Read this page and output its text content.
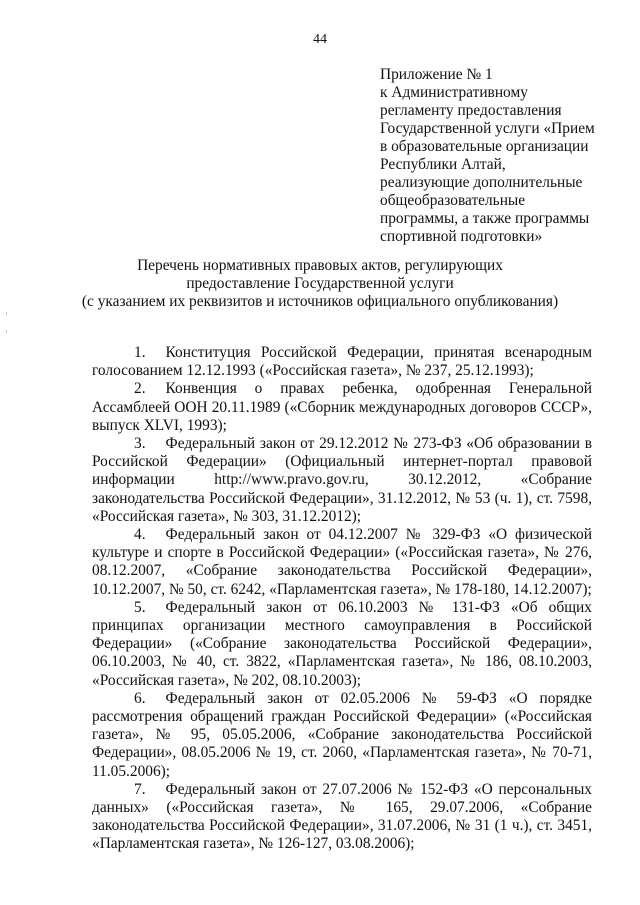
44
Приложение № 1
к Административному
регламенту предоставления
Государственной услуги «Прием
в образовательные организации
Республики Алтай,
реализующие дополнительные
общеобразовательные
программы, а также программы
спортивной подготовки»
Перечень нормативных правовых актов, регулирующих
предоставление Государственной услуги
(с указанием их реквизитов и источников официального опубликования)

1. Конституция Российской Федерации, принятая всенародным голосованием 12.12.1993 («Российская газета», № 237, 25.12.1993);

2. Конвенция о правах ребенка, одобренная Генеральной Ассамблеей ООН 20.11.1989 («Сборник международных договоров СССР», выпуск XLVI, 1993);

3. Федеральный закон от 29.12.2012 № 273-ФЗ «Об образовании в Российской Федерации» (Официальный интернет-портал правовой информации http://www.pravo.gov.ru, 30.12.2012, «Собрание законодательства Российской Федерации», 31.12.2012, № 53 (ч. 1), ст. 7598, «Российская газета», № 303, 31.12.2012);

4. Федеральный закон от 04.12.2007 № 329-ФЗ «О физической культуре и спорте в Российской Федерации» («Российская газета», № 276, 08.12.2007, «Собрание законодательства Российской Федерации», 10.12.2007, № 50, ст. 6242, «Парламентская газета», № 178-180, 14.12.2007);

5. Федеральный закон от 06.10.2003 № 131-ФЗ «Об общих принципах организации местного самоуправления в Российской Федерации» («Собрание законодательства Российской Федерации», 06.10.2003, № 40, ст. 3822, «Парламентская газета», № 186, 08.10.2003, «Российская газета», № 202, 08.10.2003);

6. Федеральный закон от 02.05.2006 № 59-ФЗ «О порядке рассмотрения обращений граждан Российской Федерации» («Российская газета», № 95, 05.05.2006, «Собрание законодательства Российской Федерации», 08.05.2006 № 19, ст. 2060, «Парламентская газета», № 70-71, 11.05.2006);

7. Федеральный закон от 27.07.2006 № 152-ФЗ «О персональных данных» («Российская газета», № 165, 29.07.2006, «Собрание законодательства Российской Федерации», 31.07.2006, № 31 (1 ч.), ст. 3451, «Парламентская газета», № 126-127, 03.08.2006);
